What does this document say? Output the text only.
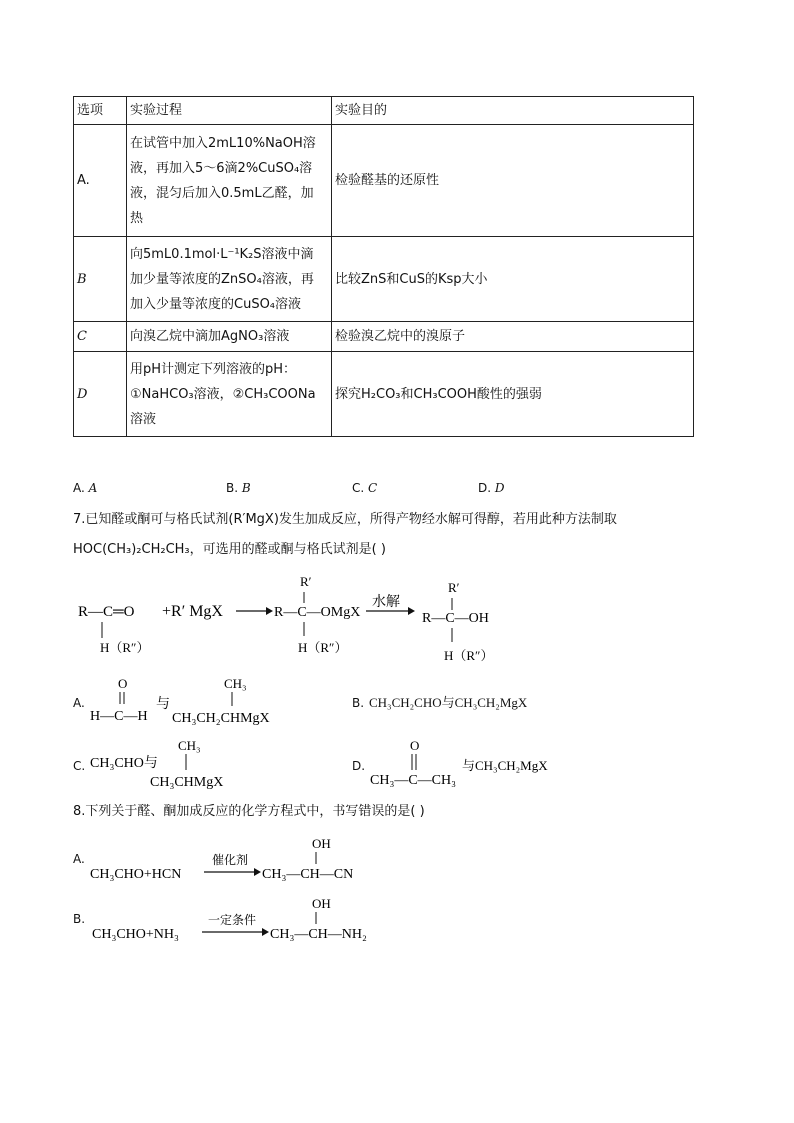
选项	实验过程	实验目的
A.	在试管中加入2mL10%NaOH溶
液，再加入5～6滴2%CuSO₄溶
液，混匀后加入0.5mL乙醛，加
热	检验醛基的还原性
B	向5mL0.1mol·L⁻¹K₂S溶液中滴
加少量等浓度的ZnSO₄溶液，再
加入少量等浓度的CuSO₄溶液	比较ZnS和CuS的Ksp大小
C	向溴乙烷中滴加AgNO₃溶液	检验溴乙烷中的溴原子
D	用pH计测定下列溶液的pH：
①NaHCO₃溶液，②CH₃COONa
溶液	探究H₂CO₃和CH₃COOH酸性的强弱
A. A	B. B	C. C	D. D
7.已知醛或酮可与格氏试剂(R′MgX)发生加成反应，所得产物经水解可得醇，若用此种方法制取
HOC(CH₃)₂CH₂CH₃，可选用的醛或酮与格氏试剂是( )
R—C═O
H（R″）
+R′ MgX
R′
R—C—OMgX
H（R″）
水解
R′
R—C—OH
H（R″）
A.
O
H—C—H
与
CH₃
CH₃CH₂CHMgX
B. CH₃CH₂CHO与CH₃CH₂MgX
C. CH₃CHO与
CH₃
CH₃CHMgX
D.
O
CH₃—C—CH₃
与CH₃CH₂MgX
8.下列关于醛、酮加成反应的化学方程式中，书写错误的是( )
A.
CH₃CHO+HCN
催化剂
OH
CH₃—CH—CN
B.
CH₃CHO+NH₃
一定条件
OH
CH₃—CH—NH₂
